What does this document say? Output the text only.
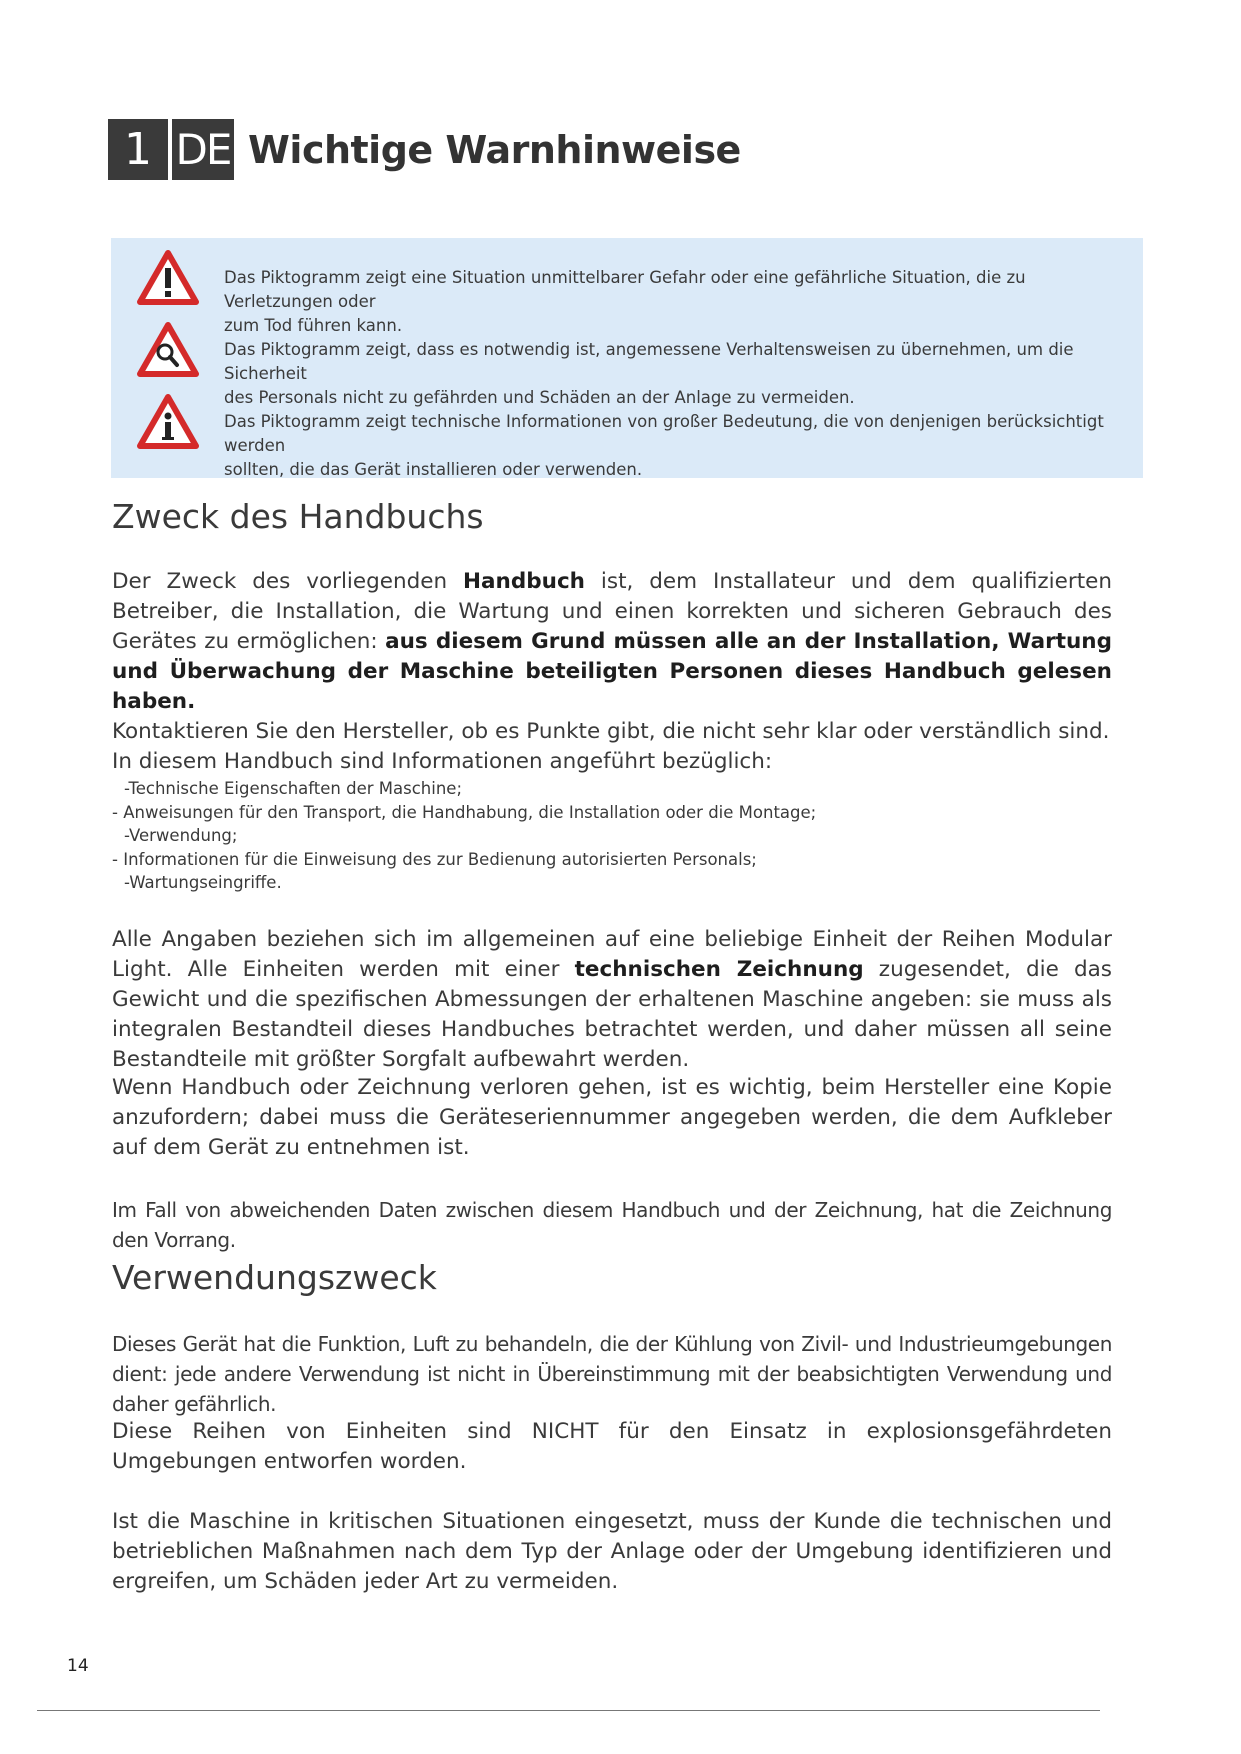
1 DE Wichtige Warnhinweise
Das Piktogramm zeigt eine Situation unmittelbarer Gefahr oder eine gefährliche Situation, die zu Verletzungen oder
zum Tod führen kann.
Das Piktogramm zeigt, dass es notwendig ist, angemessene Verhaltensweisen zu übernehmen, um die Sicherheit
des Personals nicht zu gefährden und Schäden an der Anlage zu vermeiden.
Das Piktogramm zeigt technische Informationen von großer Bedeutung, die von denjenigen berücksichtigt werden
sollten, die das Gerät installieren oder verwenden.
Zweck des Handbuchs

Der Zweck des vorliegenden Handbuch ist, dem Installateur und dem qualifizierten Betreiber, die Installation, die Wartung und einen korrekten und sicheren Gebrauch des Gerätes zu ermöglichen: aus diesem Grund müssen alle an der Installation, Wartung und Überwachung der Maschine beteiligten Personen dieses Handbuch gelesen haben.
Kontaktieren Sie den Hersteller, ob es Punkte gibt, die nicht sehr klar oder verständlich sind.

In diesem Handbuch sind Informationen angeführt bezüglich:
-Technische Eigenschaften der Maschine;
- Anweisungen für den Transport, die Handhabung, die Installation oder die Montage;
-Verwendung;
- Informationen für die Einweisung des zur Bedienung autorisierten Personals;
-Wartungseingriffe.

Alle Angaben beziehen sich im allgemeinen auf eine beliebige Einheit der Reihen Modular Light. Alle Einheiten werden mit einer technischen Zeichnung zugesendet, die das Gewicht und die spezifischen Abmessungen der erhaltenen Maschine angeben: sie muss als integralen Bestandteil dieses Handbuches betrachtet werden, und daher müssen all seine Bestandteile mit größter Sorgfalt aufbewahrt werden.

Wenn Handbuch oder Zeichnung verloren gehen, ist es wichtig, beim Hersteller eine Kopie anzufordern; dabei muss die Geräteseriennummer angegeben werden, die dem Aufkleber auf dem Gerät zu entnehmen ist.

Im Fall von abweichenden Daten zwischen diesem Handbuch und der Zeichnung, hat die Zeichnung den Vorrang.

Verwendungszweck

Dieses Gerät hat die Funktion, Luft zu behandeln, die der Kühlung von Zivil- und Industrieumgebungen dient: jede andere Verwendung ist nicht in Übereinstimmung mit der beabsichtigten Verwendung und daher gefährlich.

Diese Reihen von Einheiten sind NICHT für den Einsatz in explosionsgefährdeten Umgebungen entworfen worden.

Ist die Maschine in kritischen Situationen eingesetzt, muss der Kunde die technischen und betrieblichen Maßnahmen nach dem Typ der Anlage oder der Umgebung identifizieren und ergreifen, um Schäden jeder Art zu vermeiden.

14
